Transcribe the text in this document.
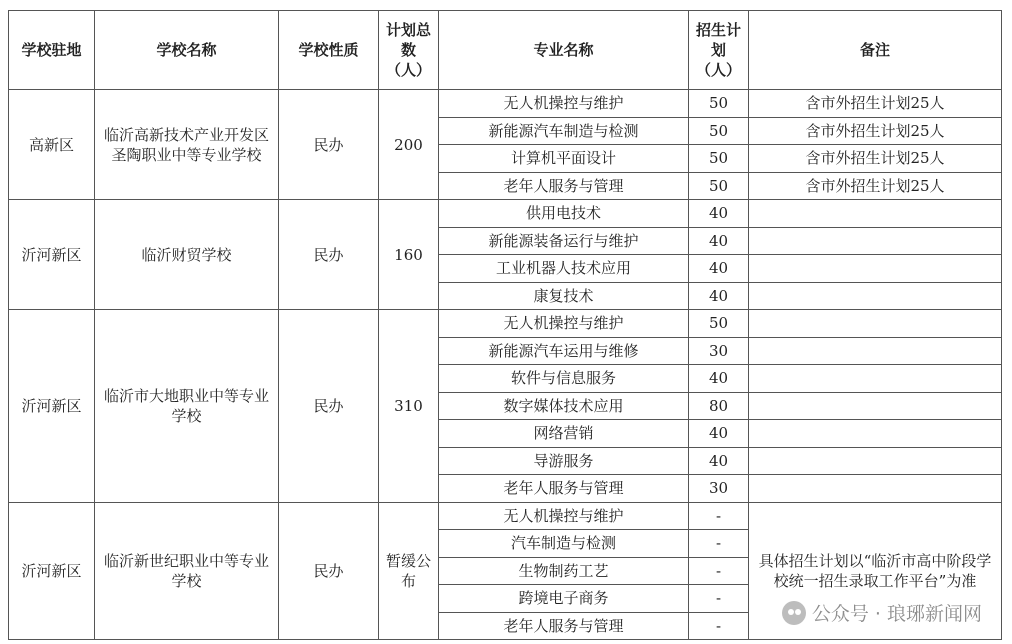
学校驻地	学校名称	学校性质	计划总数（人）	专业名称	招生计划（人）	备注
高新区	临沂高新技术产业开发区圣陶职业中等专业学校	民办	200	无人机操控与维护	50	含市外招生计划25人
				新能源汽车制造与检测	50	含市外招生计划25人
				计算机平面设计	50	含市外招生计划25人
				老年人服务与管理	50	含市外招生计划25人
沂河新区	临沂财贸学校	民办	160	供用电技术	40	
				新能源装备运行与维护	40	
				工业机器人技术应用	40	
				康复技术	40	
沂河新区	临沂市大地职业中等专业学校	民办	310	无人机操控与维护	50	
				新能源汽车运用与维修	30	
				软件与信息服务	40	
				数字媒体技术应用	80	
				网络营销	40	
				导游服务	40	
				老年人服务与管理	30	
沂河新区	临沂新世纪职业中等专业学校	民办	暂缓公布	无人机操控与维护	-	具体招生计划以“临沂市高中阶段学校统一招生录取工作平台”为准
				汽车制造与检测	-	
				生物制药工艺	-	
				跨境电子商务	-	
				老年人服务与管理	-	
公众号 · 琅琊新闻网
